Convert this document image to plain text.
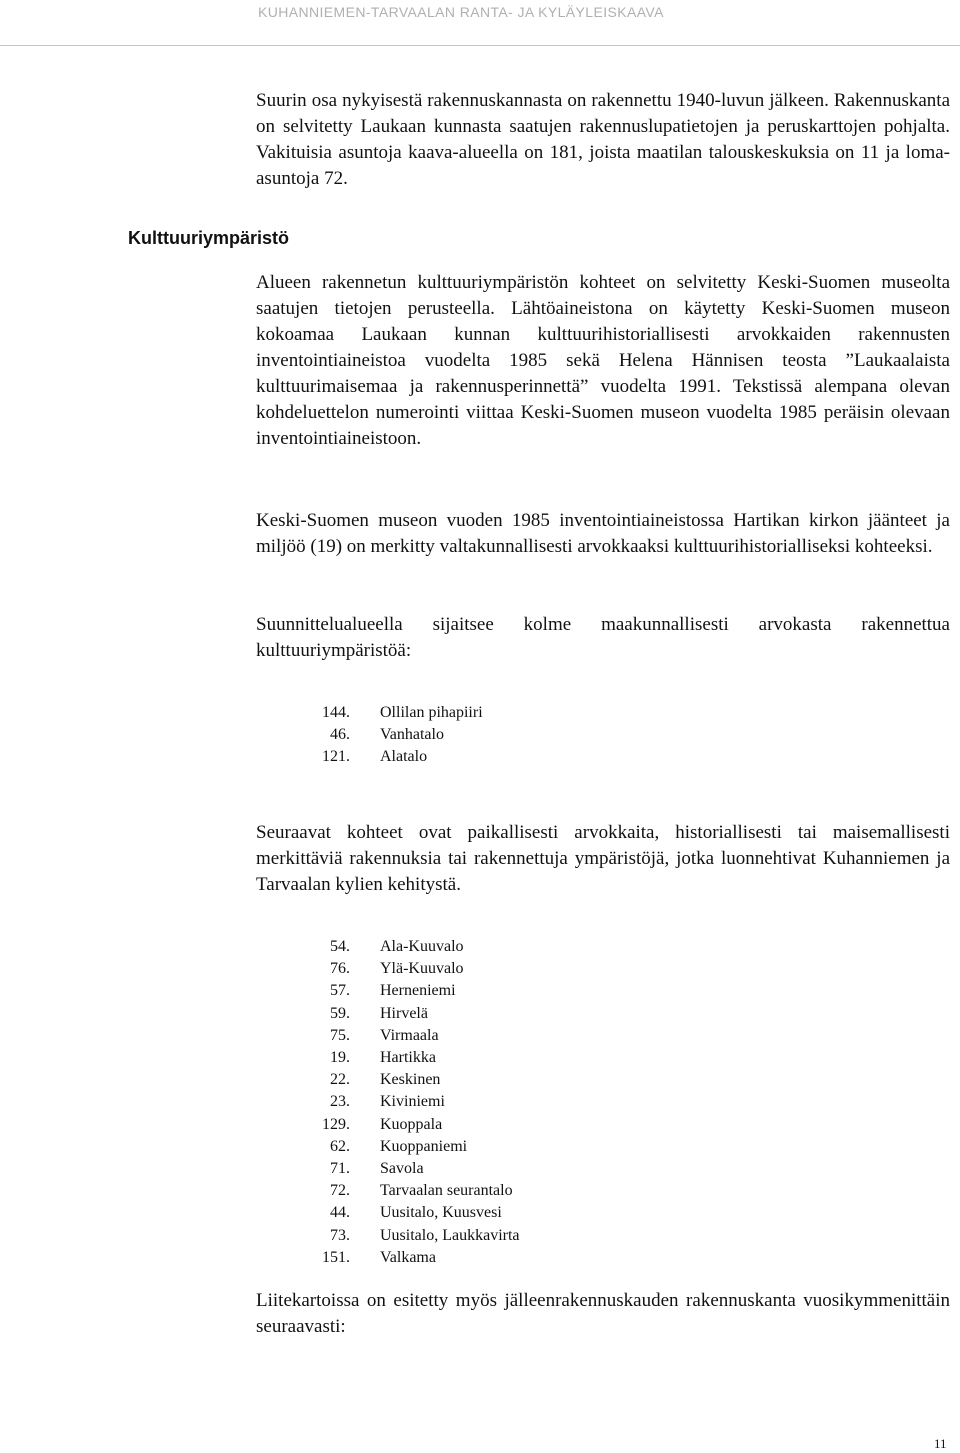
KUHANNIEMEN-TARVAALAN RANTA- JA KYLÄYLEISKAAVA

Suurin osa nykyisestä rakennuskannasta on rakennettu 1940-luvun jälkeen. Rakennuskanta on selvitetty Laukaan kunnasta saatujen rakennuslupatietojen ja peruskarttojen pohjalta. Vakituisia asuntoja kaava-alueella on 181, joista maatilan talouskeskuksia on 11 ja loma-asuntoja 72.

Kulttuuriympäristö

Alueen rakennetun kulttuuriympäristön kohteet on selvitetty Keski-Suomen museolta saatujen tietojen perusteella. Lähtöaineistona on käytetty Keski-Suomen museon kokoamaa Laukaan kunnan kulttuurihistoriallisesti arvokkaiden rakennusten inventointiaineistoa vuodelta 1985 sekä Helena Hännisen teosta ”Laukaalaista kulttuurimaisemaa ja rakennusperinnettä” vuodelta 1991. Tekstissä alempana olevan kohdeluettelon numerointi viittaa Keski-Suomen museon vuodelta 1985 peräisin olevaan inventointiaineistoon.

Keski-Suomen museon vuoden 1985 inventointiaineistossa Hartikan kirkon jäänteet ja miljöö (19) on merkitty valtakunnallisesti arvokkaaksi kulttuurihistorialliseksi kohteeksi.

Suunnittelualueella sijaitsee kolme maakunnallisesti arvokasta rakennettua kulttuuriympäristöä:

144.	Ollilan pihapiiri
46.	Vanhatalo
121.	Alatalo

Seuraavat kohteet ovat paikallisesti arvokkaita, historiallisesti tai maisemallisesti merkittäviä rakennuksia tai rakennettuja ympäristöjä, jotka luonnehtivat Kuhanniemen ja Tarvaalan kylien kehitystä.

54.	Ala-Kuuvalo
76.	Ylä-Kuuvalo
57.	Herneniemi
59.	Hirvelä
75.	Virmaala
19.	Hartikka
22.	Keskinen
23.	Kiviniemi
129.	Kuoppala
62.	Kuoppaniemi
71.	Savola
72.	Tarvaalan seurantalo
44.	Uusitalo, Kuusvesi
73.	Uusitalo, Laukkavirta
151.	Valkama

Liitekartoissa on esitetty myös jälleenrakennuskauden rakennuskanta vuosikymmenittäin seuraavasti:

11
